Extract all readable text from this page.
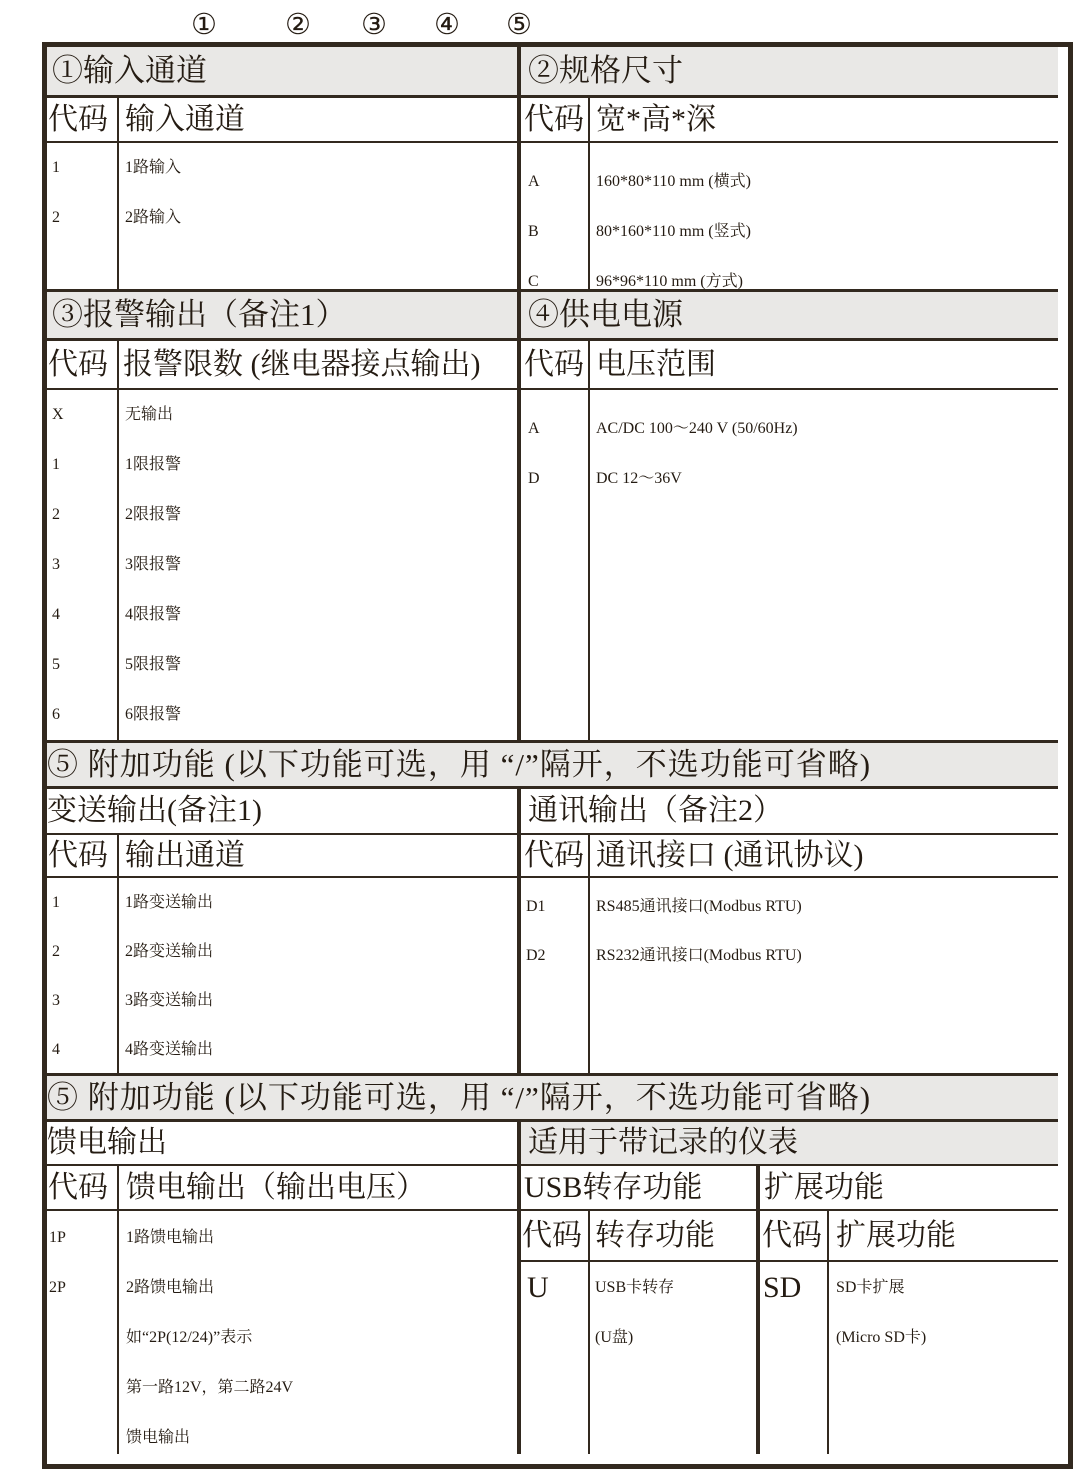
① ② ③ ④ ⑤
①输入通道
代码 输入通道
1
2
1路输入
2路输入
②规格尺寸
代码 宽*高*深
A
B
C
160*80*110 mm (横式)
80*160*110 mm (竖式)
96*96*110 mm (方式)
③报警输出（备注1）
代码 报警限数 (继电器接点输出)
X
1
2
3
4
5
6
无输出
1限报警
2限报警
3限报警
4限报警
5限报警
6限报警
④供电电源
代码 电压范围
A
D
AC/DC 100～240 V (50/60Hz)
DC 12～36V
⑤ 附加功能 (以下功能可选，用 “/”隔开，不选功能可省略)
变送输出(备注1)
代码 输出通道
1
2
3
4
1路变送输出
2路变送输出
3路变送输出
4路变送输出
通讯输出（备注2）
代码 通讯接口 (通讯协议)
D1
D2
RS485通讯接口(Modbus RTU)
RS232通讯接口(Modbus RTU)
⑤ 附加功能 (以下功能可选，用 “/”隔开，不选功能可省略)
馈电输出
代码 馈电输出（输出电压）
1P
2P
1路馈电输出
2路馈电输出
如“2P(12/24)”表示
第一路12V，第二路24V
馈电输出
适用于带记录的仪表
USB转存功能 扩展功能
代码 转存功能 代码 扩展功能
U	USB卡转存
(U盘)
SD SD卡扩展
(Micro SD卡)
